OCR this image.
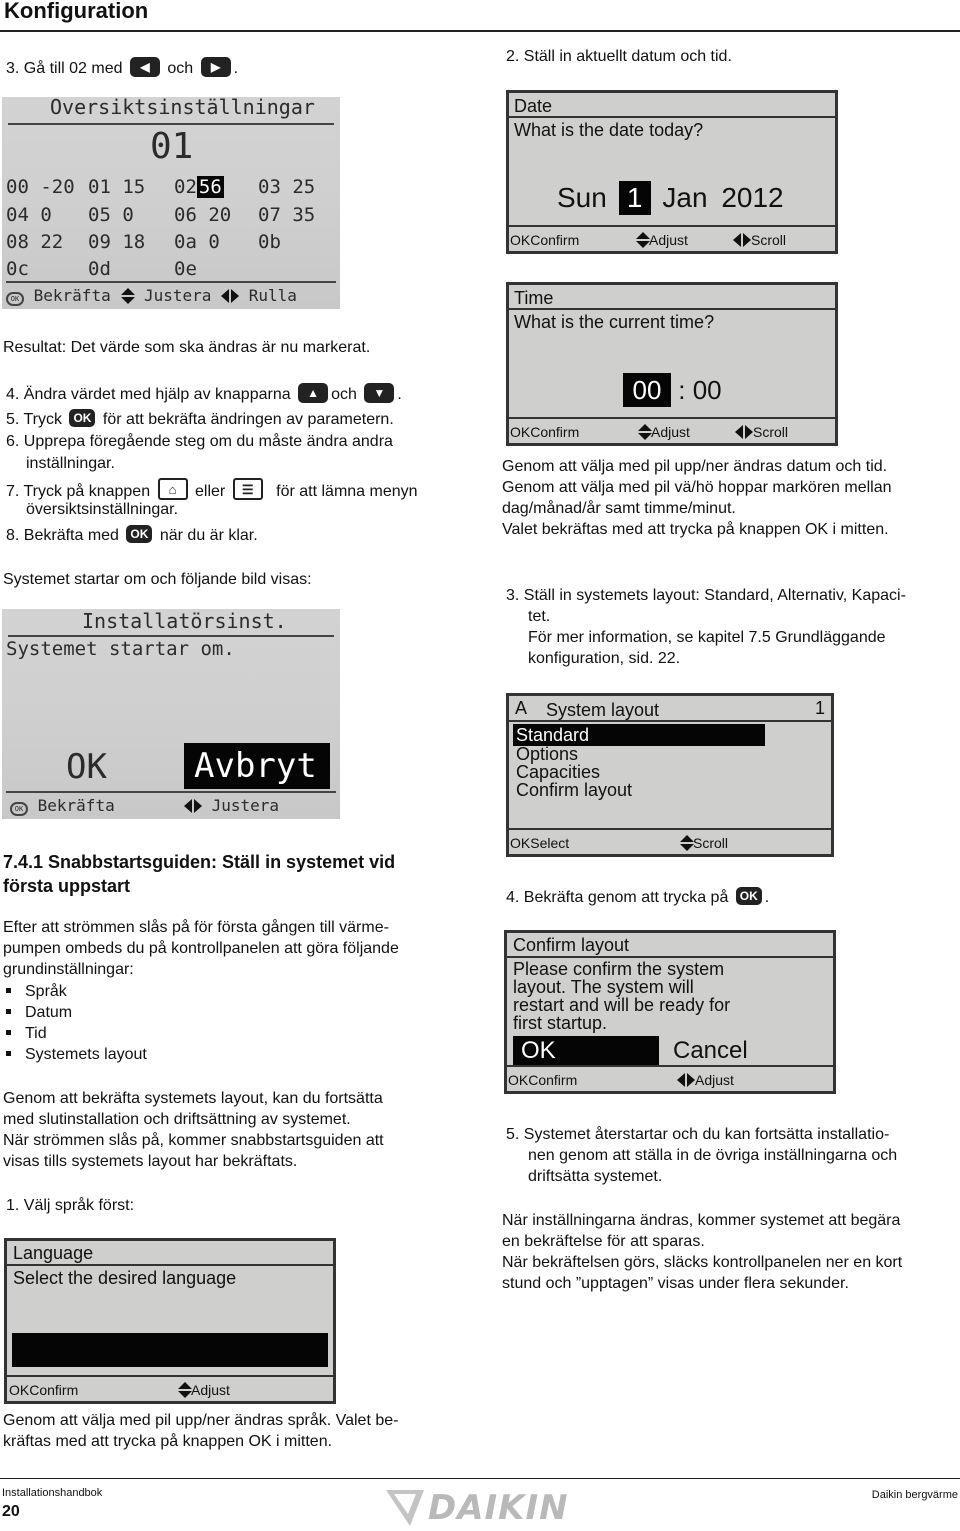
Konfiguration
3. Gå till 02 med	◀	och	▶ .
Översiktsinställningar
01
00 -20 01 15 02 56 03 25
04 0 05 0 06 20 07 35
08 22 09 18 0a 0 0b
0c	0d	0e
OK Bekräfta Justera Rulla
Resultat: Det värde som ska ändras är nu markerat.
4. Ändra värdet med hjälp av knapparna	▲ och	▼ .
5. Tryck OK för att bekräfta ändringen av parametern.
6. Upprepa föregående steg om du måste ändra andra
inställningar.
7. Tryck på knappen	⌂	eller	☰	för att lämna menyn
översiktsinställningar.
8. Bekräfta med OK när du är klar.
Systemet startar om och följande bild visas:
Installatörsinst.
Systemet startar om.
OK	Avbryt
OK Bekräfta	Justera
7.4.1 Snabbstartsguiden: Ställ in systemet vid
första uppstart
Efter att strömmen slås på för första gången till värme-
pumpen ombeds du på kontrollpanelen att göra följande
grundinställningar:
Språk
Datum
Tid
Systemets layout
Genom att bekräfta systemets layout, kan du fortsätta
med slutinstallation och driftsättning av systemet.
När strömmen slås på, kommer snabbstartsguiden att
visas tills systemets layout har bekräftats.
1. Välj språk först:
Language
Select the desired language
OKConfirm	Adjust
Genom att välja med pil upp/ner ändras språk. Valet be-
kräftas med att trycka på knappen OK i mitten.
2. Ställ in aktuellt datum och tid.
Date
What is the date today?
Sun 1 Jan 2012
OKConfirm	Adjust	Scroll
Time
What is the current time?
00 : 00
OKConfirm	Adjust	Scroll
Genom att välja med pil upp/ner ändras datum och tid.
Genom att välja med pil vä/hö hoppar markören mellan
dag/månad/år samt timme/minut.
Valet bekräftas med att trycka på knappen OK i mitten.
3. Ställ in systemets layout: Standard, Alternativ, Kapaci-
tet.
För mer information, se kapitel 7.5 Grundläggande
konfiguration, sid. 22.
A System layout	1
Standard
Options
Capacities
Confirm layout
OKSelect	Scroll
4. Bekräfta genom att trycka på OK .
Confirm layout
Please confirm the system
layout. The system will
restart and will be ready for
first startup.
OK	Cancel
OKConfirm	Adjust
5. Systemet återstartar och du kan fortsätta installatio-
nen genom att ställa in de övriga inställningarna och
driftsätta systemet.
När inställningarna ändras, kommer systemet att begära
en bekräftelse för att sparas.
När bekräftelsen görs, släcks kontrollpanelen ner en kort
stund och ”upptagen” visas under flera sekunder.
Installationshandbok
20	DAIKIN	Daikin bergvärme
